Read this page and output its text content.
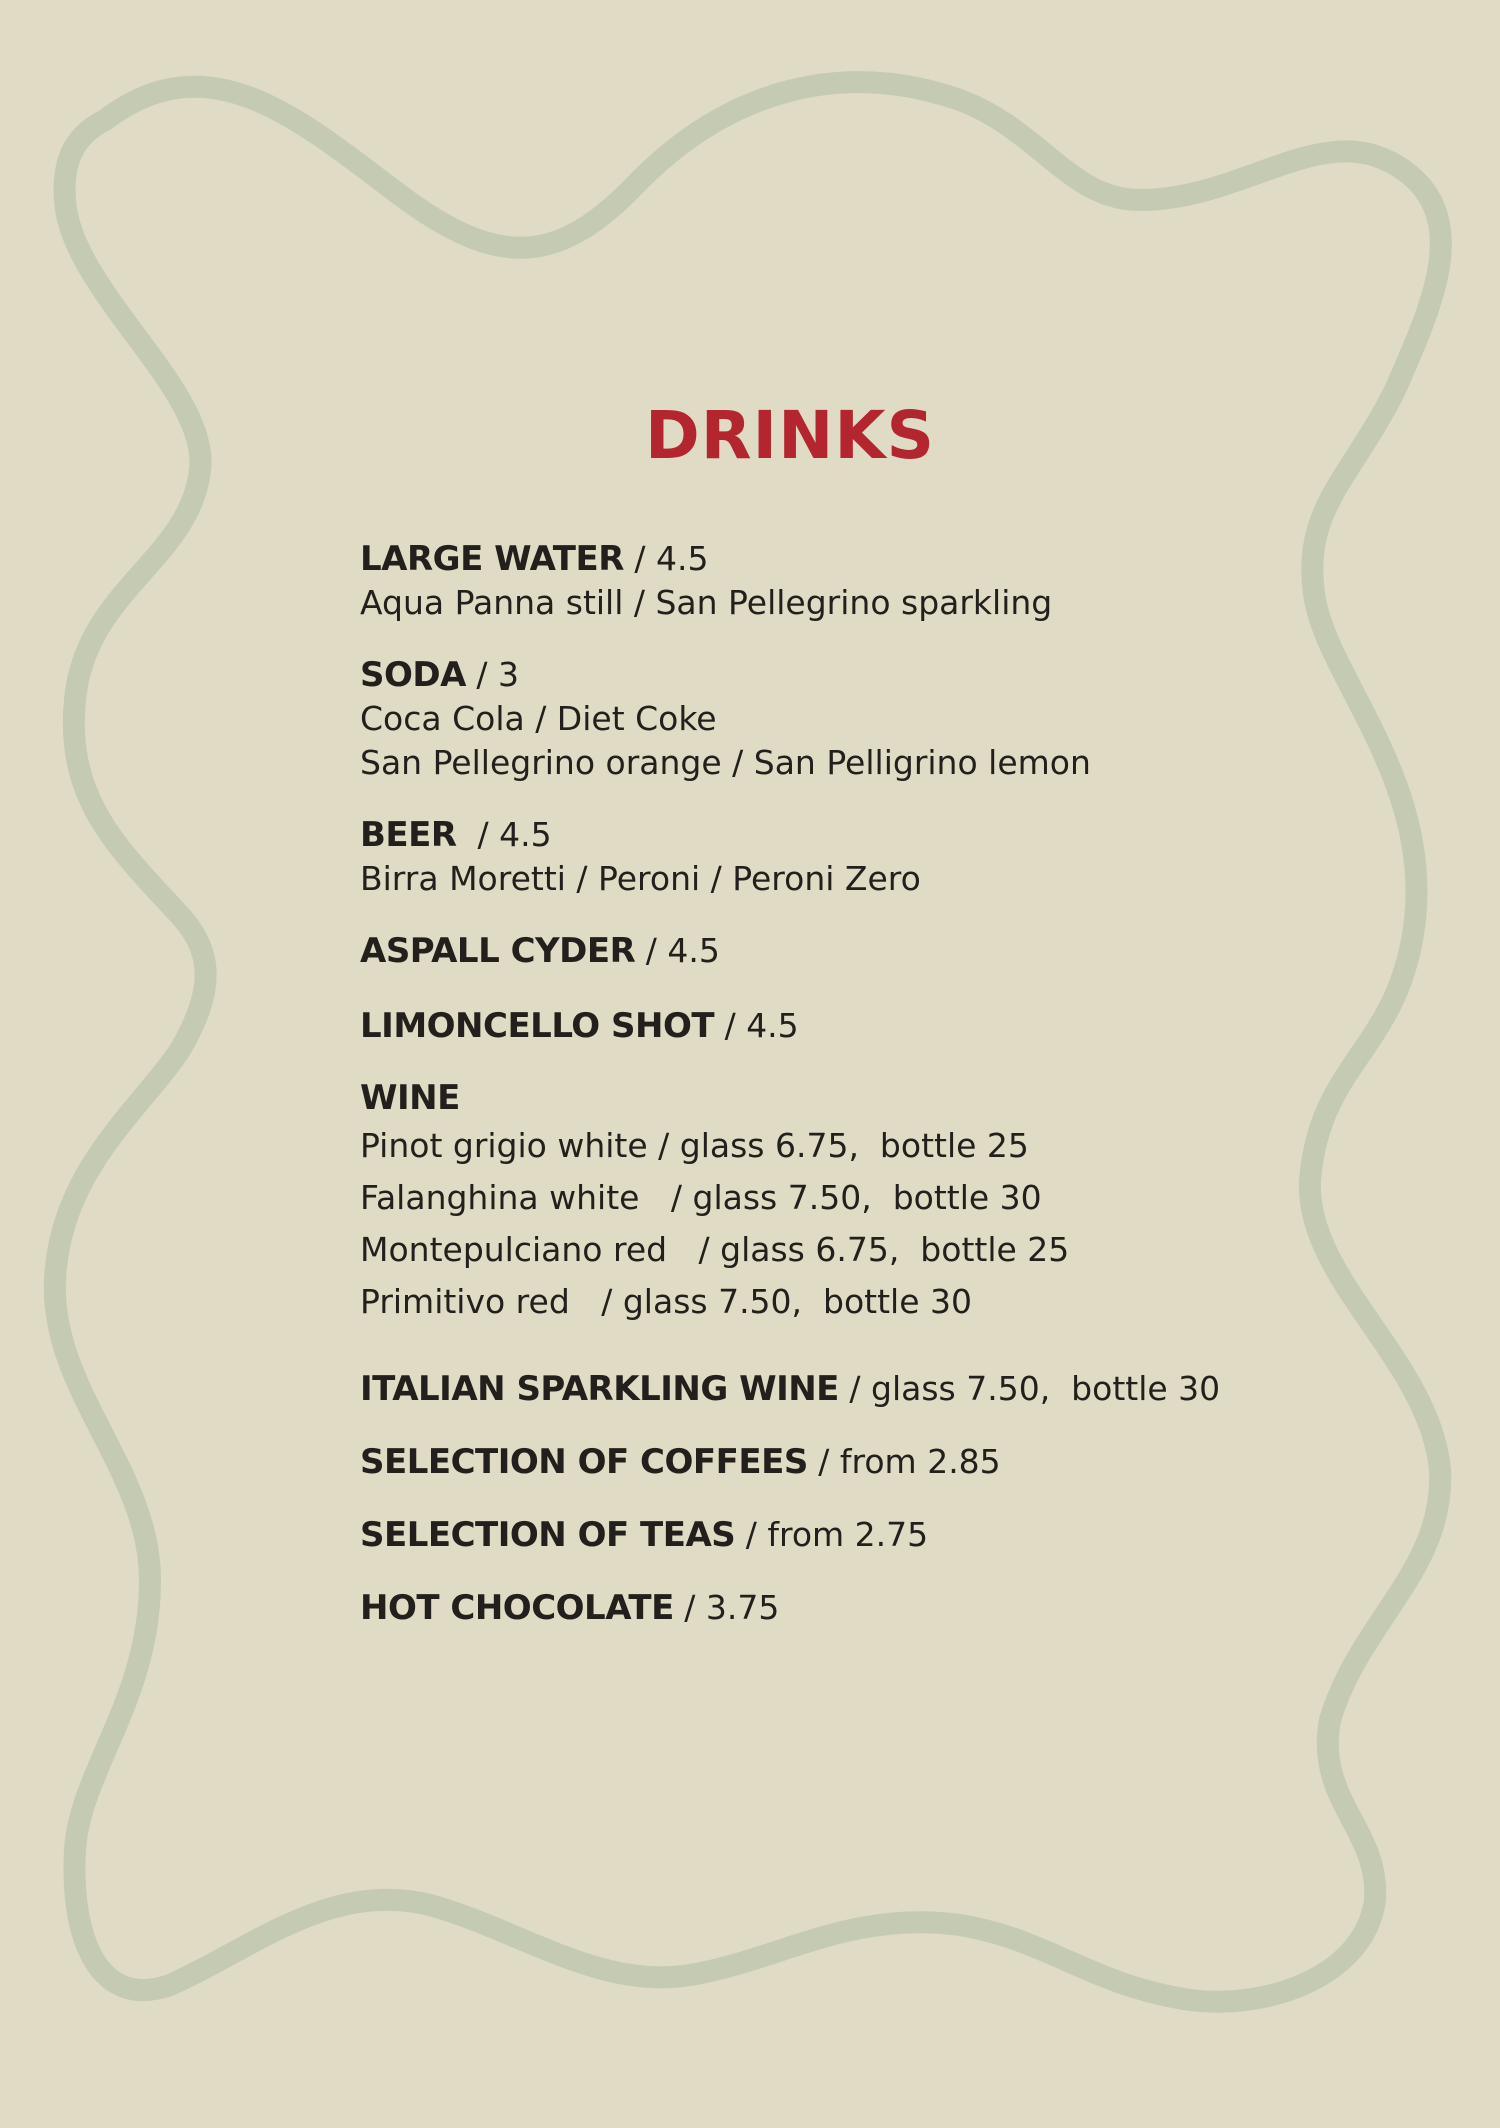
DRINKS
LARGE WATER / 4.5
Aqua Panna still / San Pellegrino sparkling
SODA / 3
Coca Cola / Diet Coke
San Pellegrino orange / San Pelligrino lemon
BEER  / 4.5
Birra Moretti / Peroni / Peroni Zero
ASPALL CYDER / 4.5
LIMONCELLO SHOT / 4.5
WINE
Pinot grigio white / glass 6.75,  bottle 25
Falanghina white   / glass 7.50,  bottle 30
Montepulciano red   / glass 6.75,  bottle 25
Primitivo red   / glass 7.50,  bottle 30
ITALIAN SPARKLING WINE / glass 7.50,  bottle 30
SELECTION OF COFFEES / from 2.85
SELECTION OF TEAS / from 2.75
HOT CHOCOLATE / 3.75
